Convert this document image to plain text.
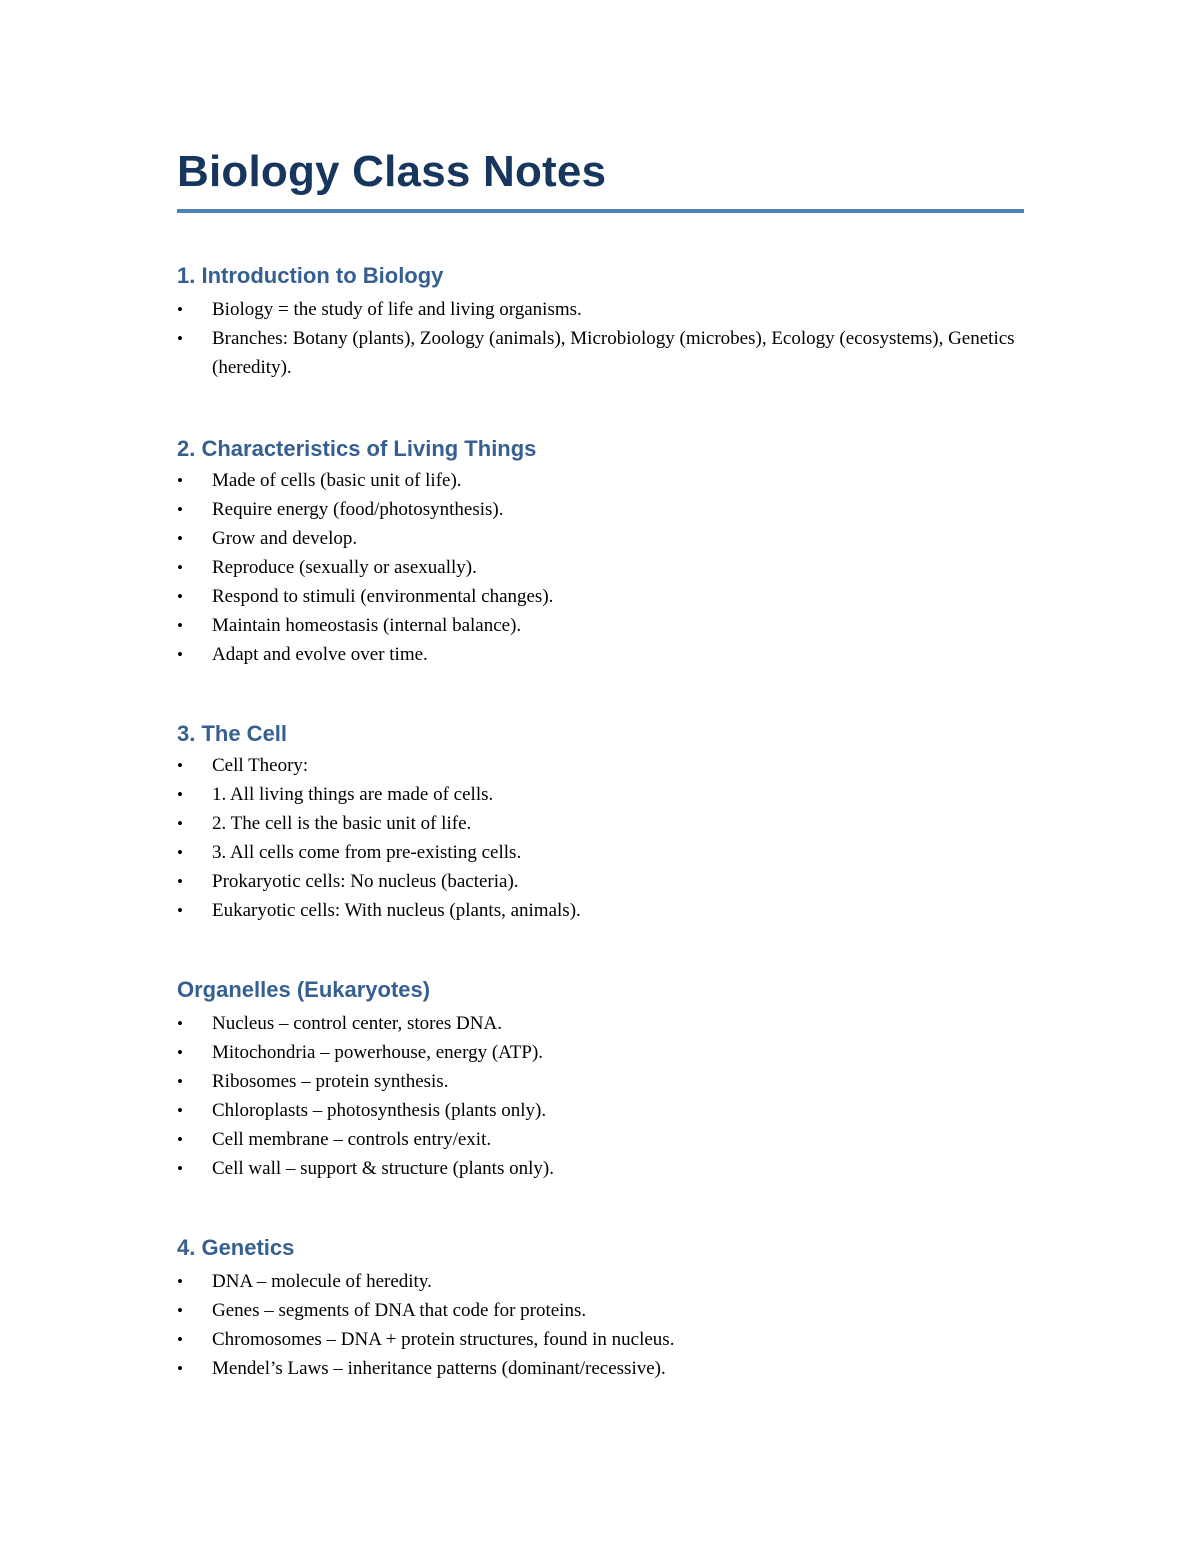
Biology Class Notes
1. Introduction to Biology
•	Biology = the study of life and living organisms.
•	Branches: Botany (plants), Zoology (animals), Microbiology (microbes), Ecology (ecosystems), Genetics (heredity).
2. Characteristics of Living Things
•	Made of cells (basic unit of life).
•	Require energy (food/photosynthesis).
•	Grow and develop.
•	Reproduce (sexually or asexually).
•	Respond to stimuli (environmental changes).
•	Maintain homeostasis (internal balance).
•	Adapt and evolve over time.
3. The Cell
•	Cell Theory:
•	1. All living things are made of cells.
•	2. The cell is the basic unit of life.
•	3. All cells come from pre-existing cells.
•	Prokaryotic cells: No nucleus (bacteria).
•	Eukaryotic cells: With nucleus (plants, animals).
Organelles (Eukaryotes)
•	Nucleus – control center, stores DNA.
•	Mitochondria – powerhouse, energy (ATP).
•	Ribosomes – protein synthesis.
•	Chloroplasts – photosynthesis (plants only).
•	Cell membrane – controls entry/exit.
•	Cell wall – support & structure (plants only).
4. Genetics
•	DNA – molecule of heredity.
•	Genes – segments of DNA that code for proteins.
•	Chromosomes – DNA + protein structures, found in nucleus.
•	Mendel’s Laws – inheritance patterns (dominant/recessive).
